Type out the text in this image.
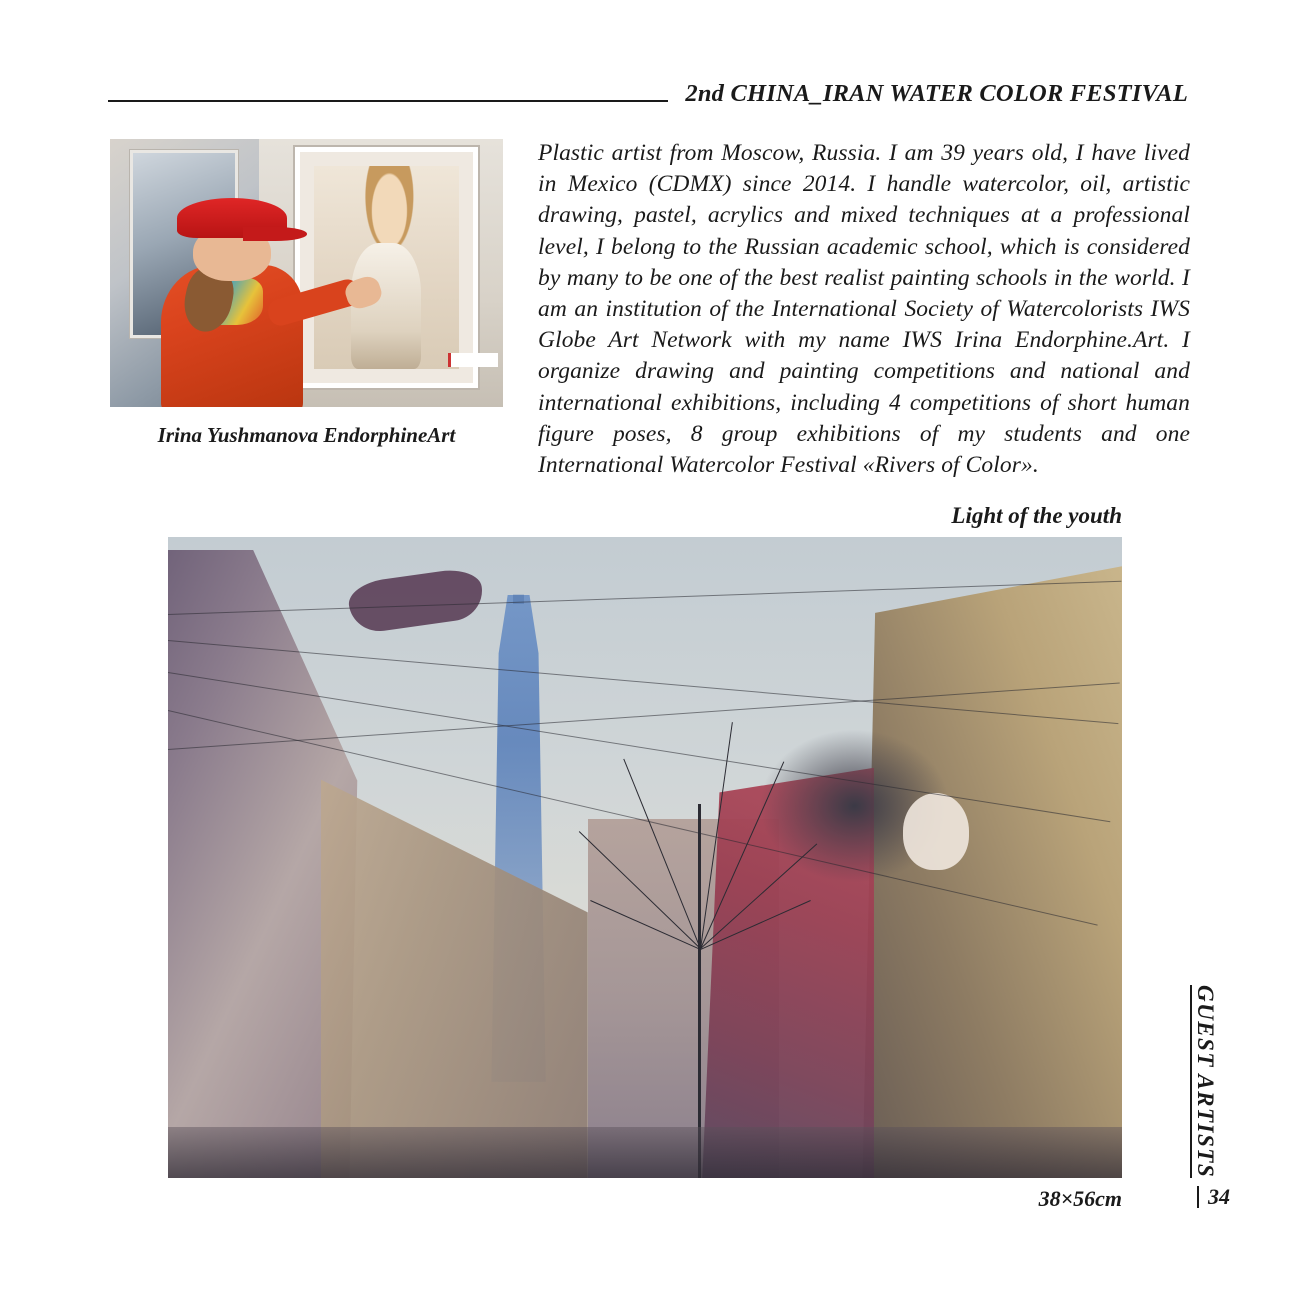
2nd CHINA_IRAN WATER COLOR FESTIVAL
Irina Yushmanova EndorphineArt
Plastic artist from Moscow, Russia. I am 39 years old, I have lived in Mexico (CDMX) since 2014. I handle watercolor, oil, artistic drawing, pastel, acrylics and mixed techniques at a professional level, I belong to the Russian academic school, which is considered by many to be one of the best realist painting schools in the world. I am an institution of the International Society of Watercolorists IWS Globe Art Network with my name IWS Irina Endorphine.Art. I organize drawing and painting competitions and national and international exhibitions, including 4 competitions of short human figure poses, 8 group exhibitions of my students and one International Watercolor Festival «Rivers of Color».
Light of the youth
38×56cm
GUEST ARTISTS
34
